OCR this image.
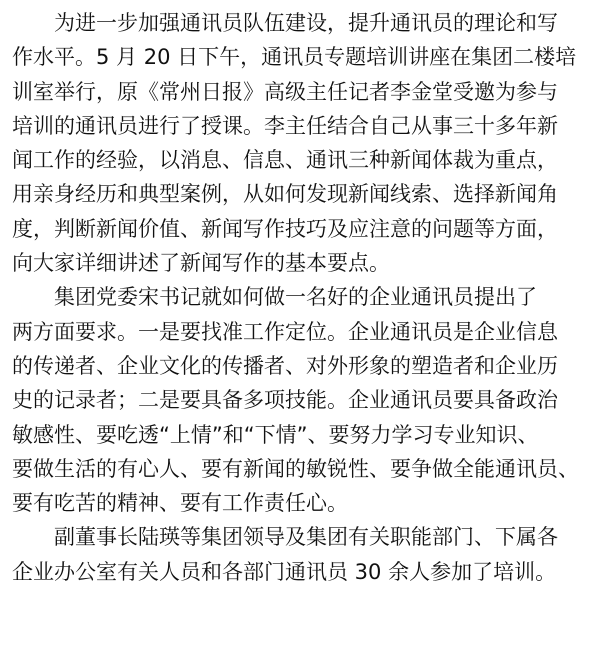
为进一步加强通讯员队伍建设，提升通讯员的理论和写
作水平。5 月 20 日下午，通讯员专题培训讲座在集团二楼培
训室举行，原《常州日报》高级主任记者李金堂受邀为参与
培训的通讯员进行了授课。李主任结合自己从事三十多年新
闻工作的经验，以消息、信息、通讯三种新闻体裁为重点，
用亲身经历和典型案例，从如何发现新闻线索、选择新闻角
度，判断新闻价值、新闻写作技巧及应注意的问题等方面，
向大家详细讲述了新闻写作的基本要点。
集团党委宋书记就如何做一名好的企业通讯员提出了
两方面要求。一是要找准工作定位。企业通讯员是企业信息
的传递者、企业文化的传播者、对外形象的塑造者和企业历
史的记录者；二是要具备多项技能。企业通讯员要具备政治
敏感性、要吃透“上情”和“下情”、要努力学习专业知识、
要做生活的有心人、要有新闻的敏锐性、要争做全能通讯员、
要有吃苦的精神、要有工作责任心。
副董事长陆瑛等集团领导及集团有关职能部门、下属各
企业办公室有关人员和各部门通讯员 30 余人参加了培训。
